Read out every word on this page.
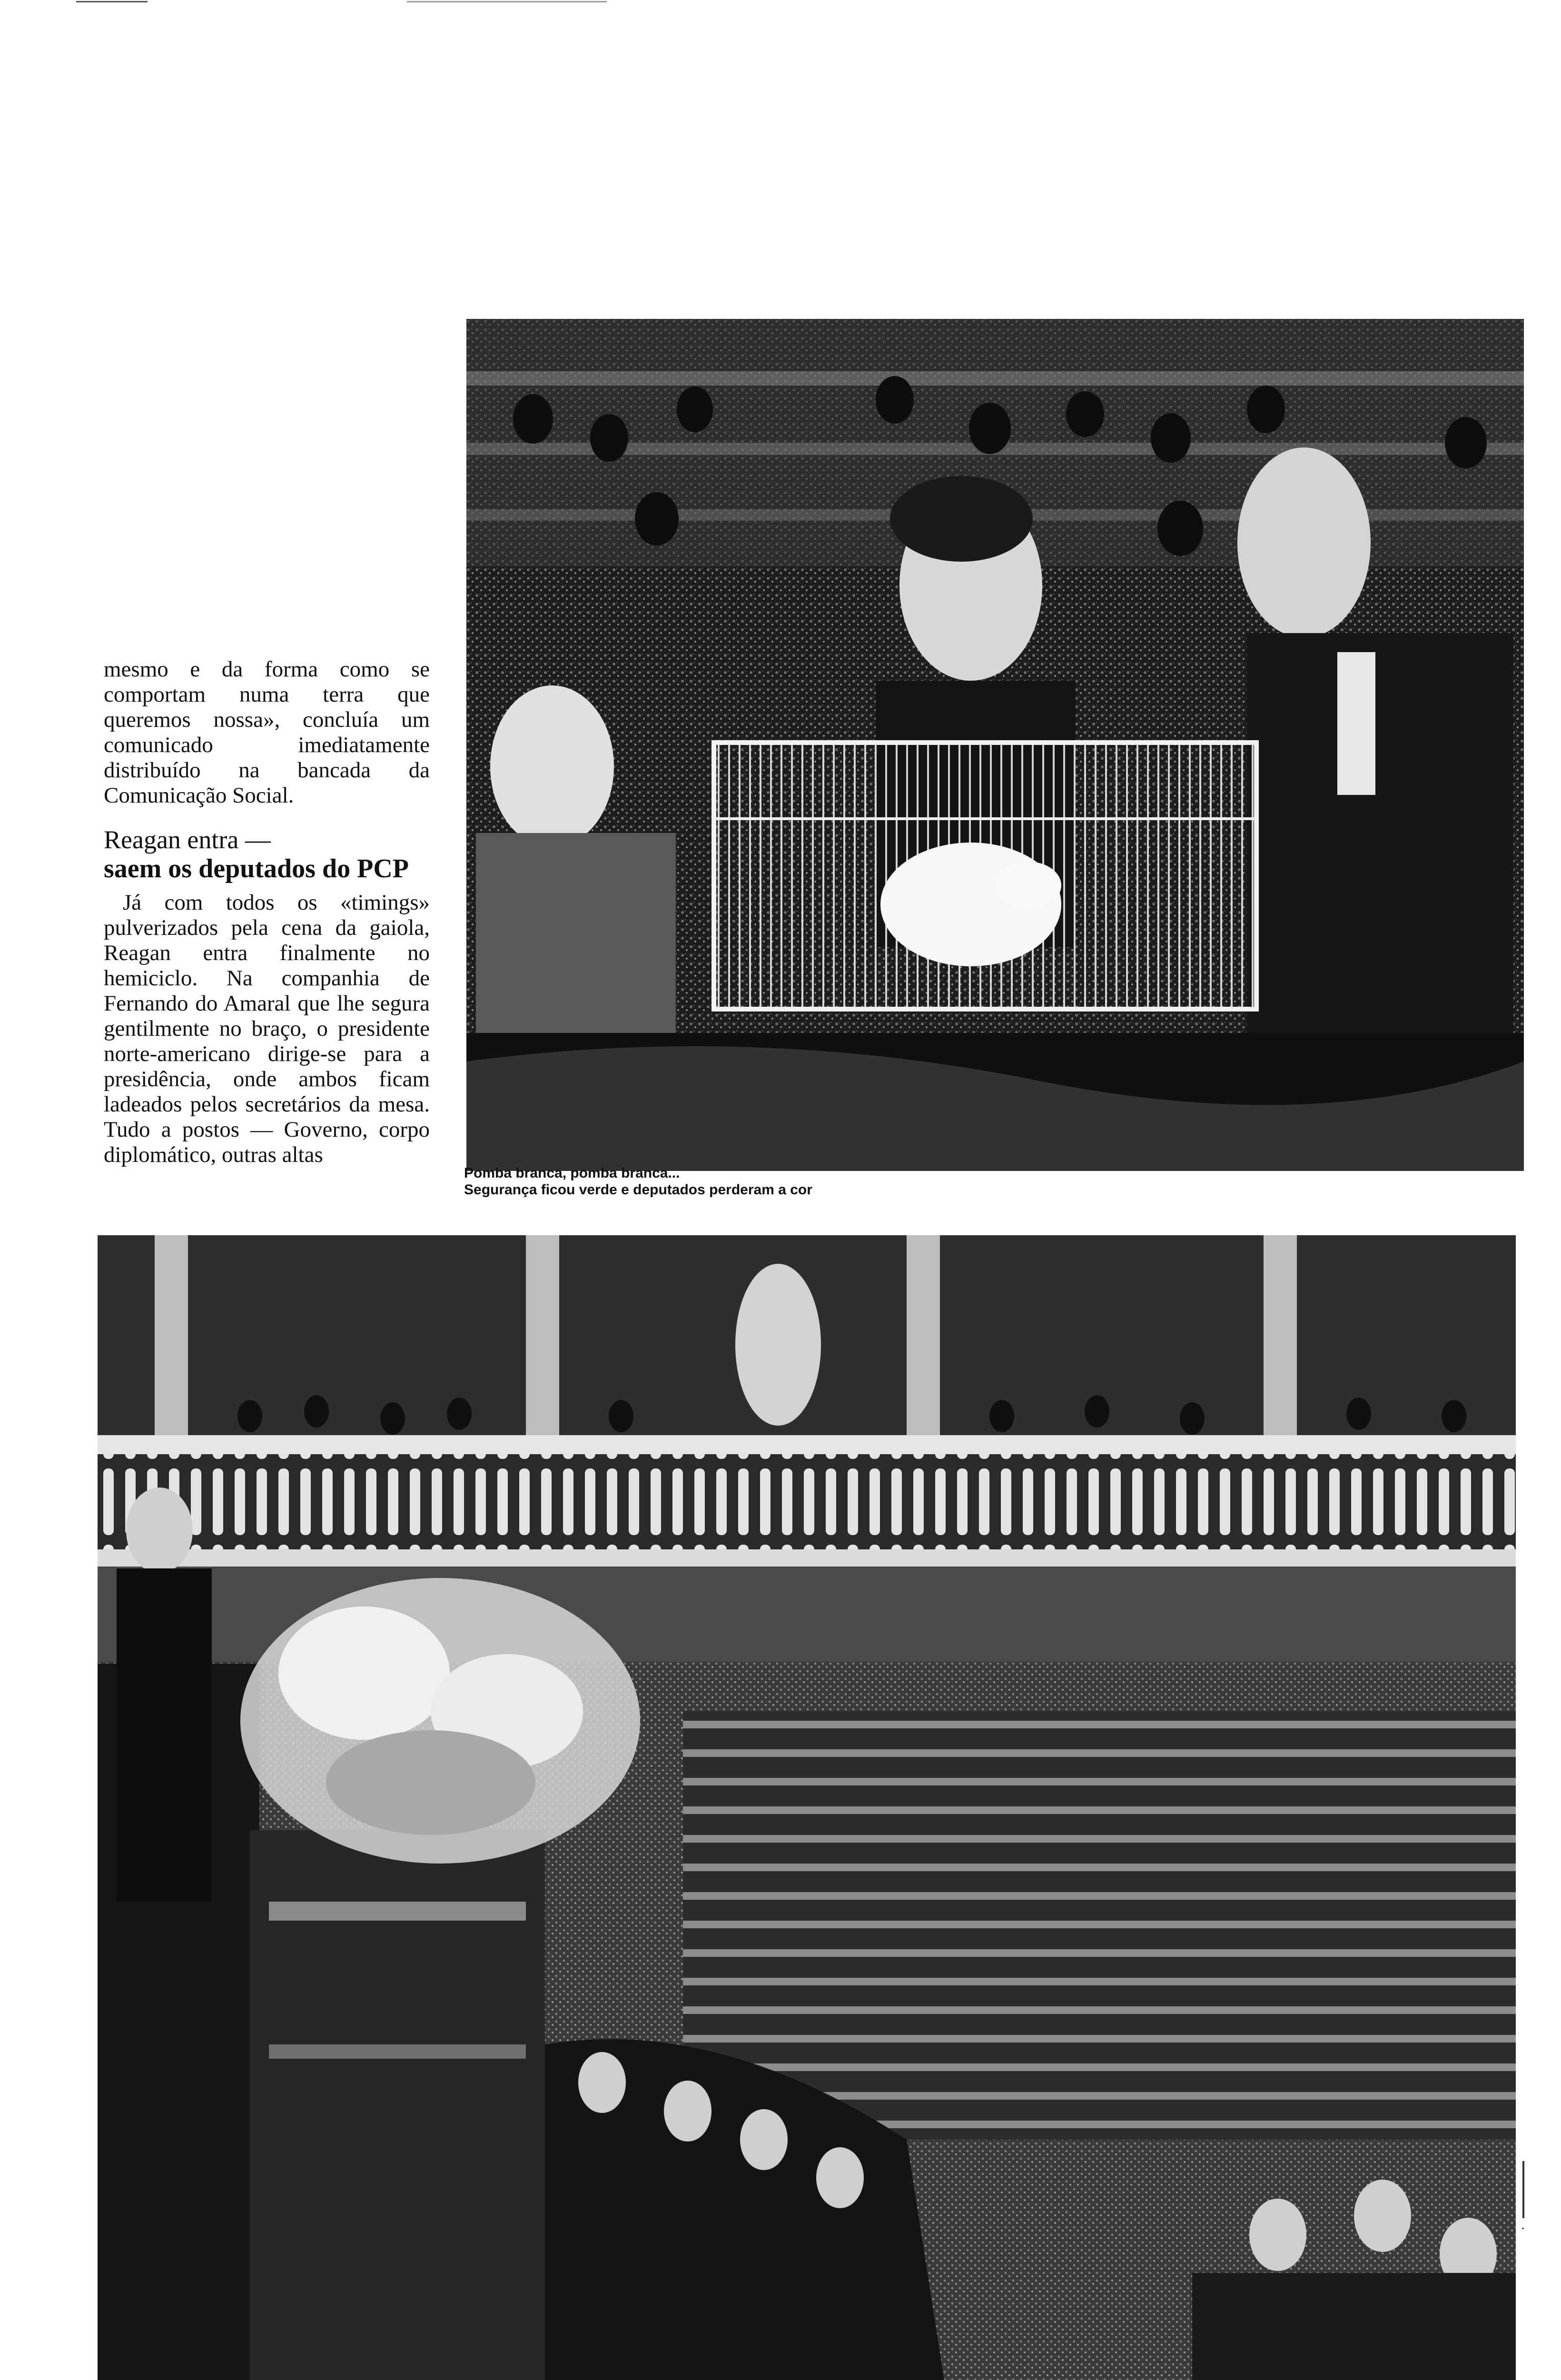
mesmo e da forma como se comportam numa terra que queremos nossa», concluía um comunicado imediatamente distribuído na bancada da Comunicação Social.

Reagan entra —
saem os deputados do PCP

Já com todos os «timings» pulverizados pela cena da gaiola, Reagan entra finalmente no hemiciclo. Na companhia de Fernando do Amaral que lhe segura gentilmente no braço, o presidente norte-americano dirige-se para a presidência, onde ambos ficam ladeados pelos secretários da mesa. Tudo a postos — Governo, corpo diplomático, outras altas

Pomba branca, pomba branca...
Segurança ficou verde e deputados perderam a cor
